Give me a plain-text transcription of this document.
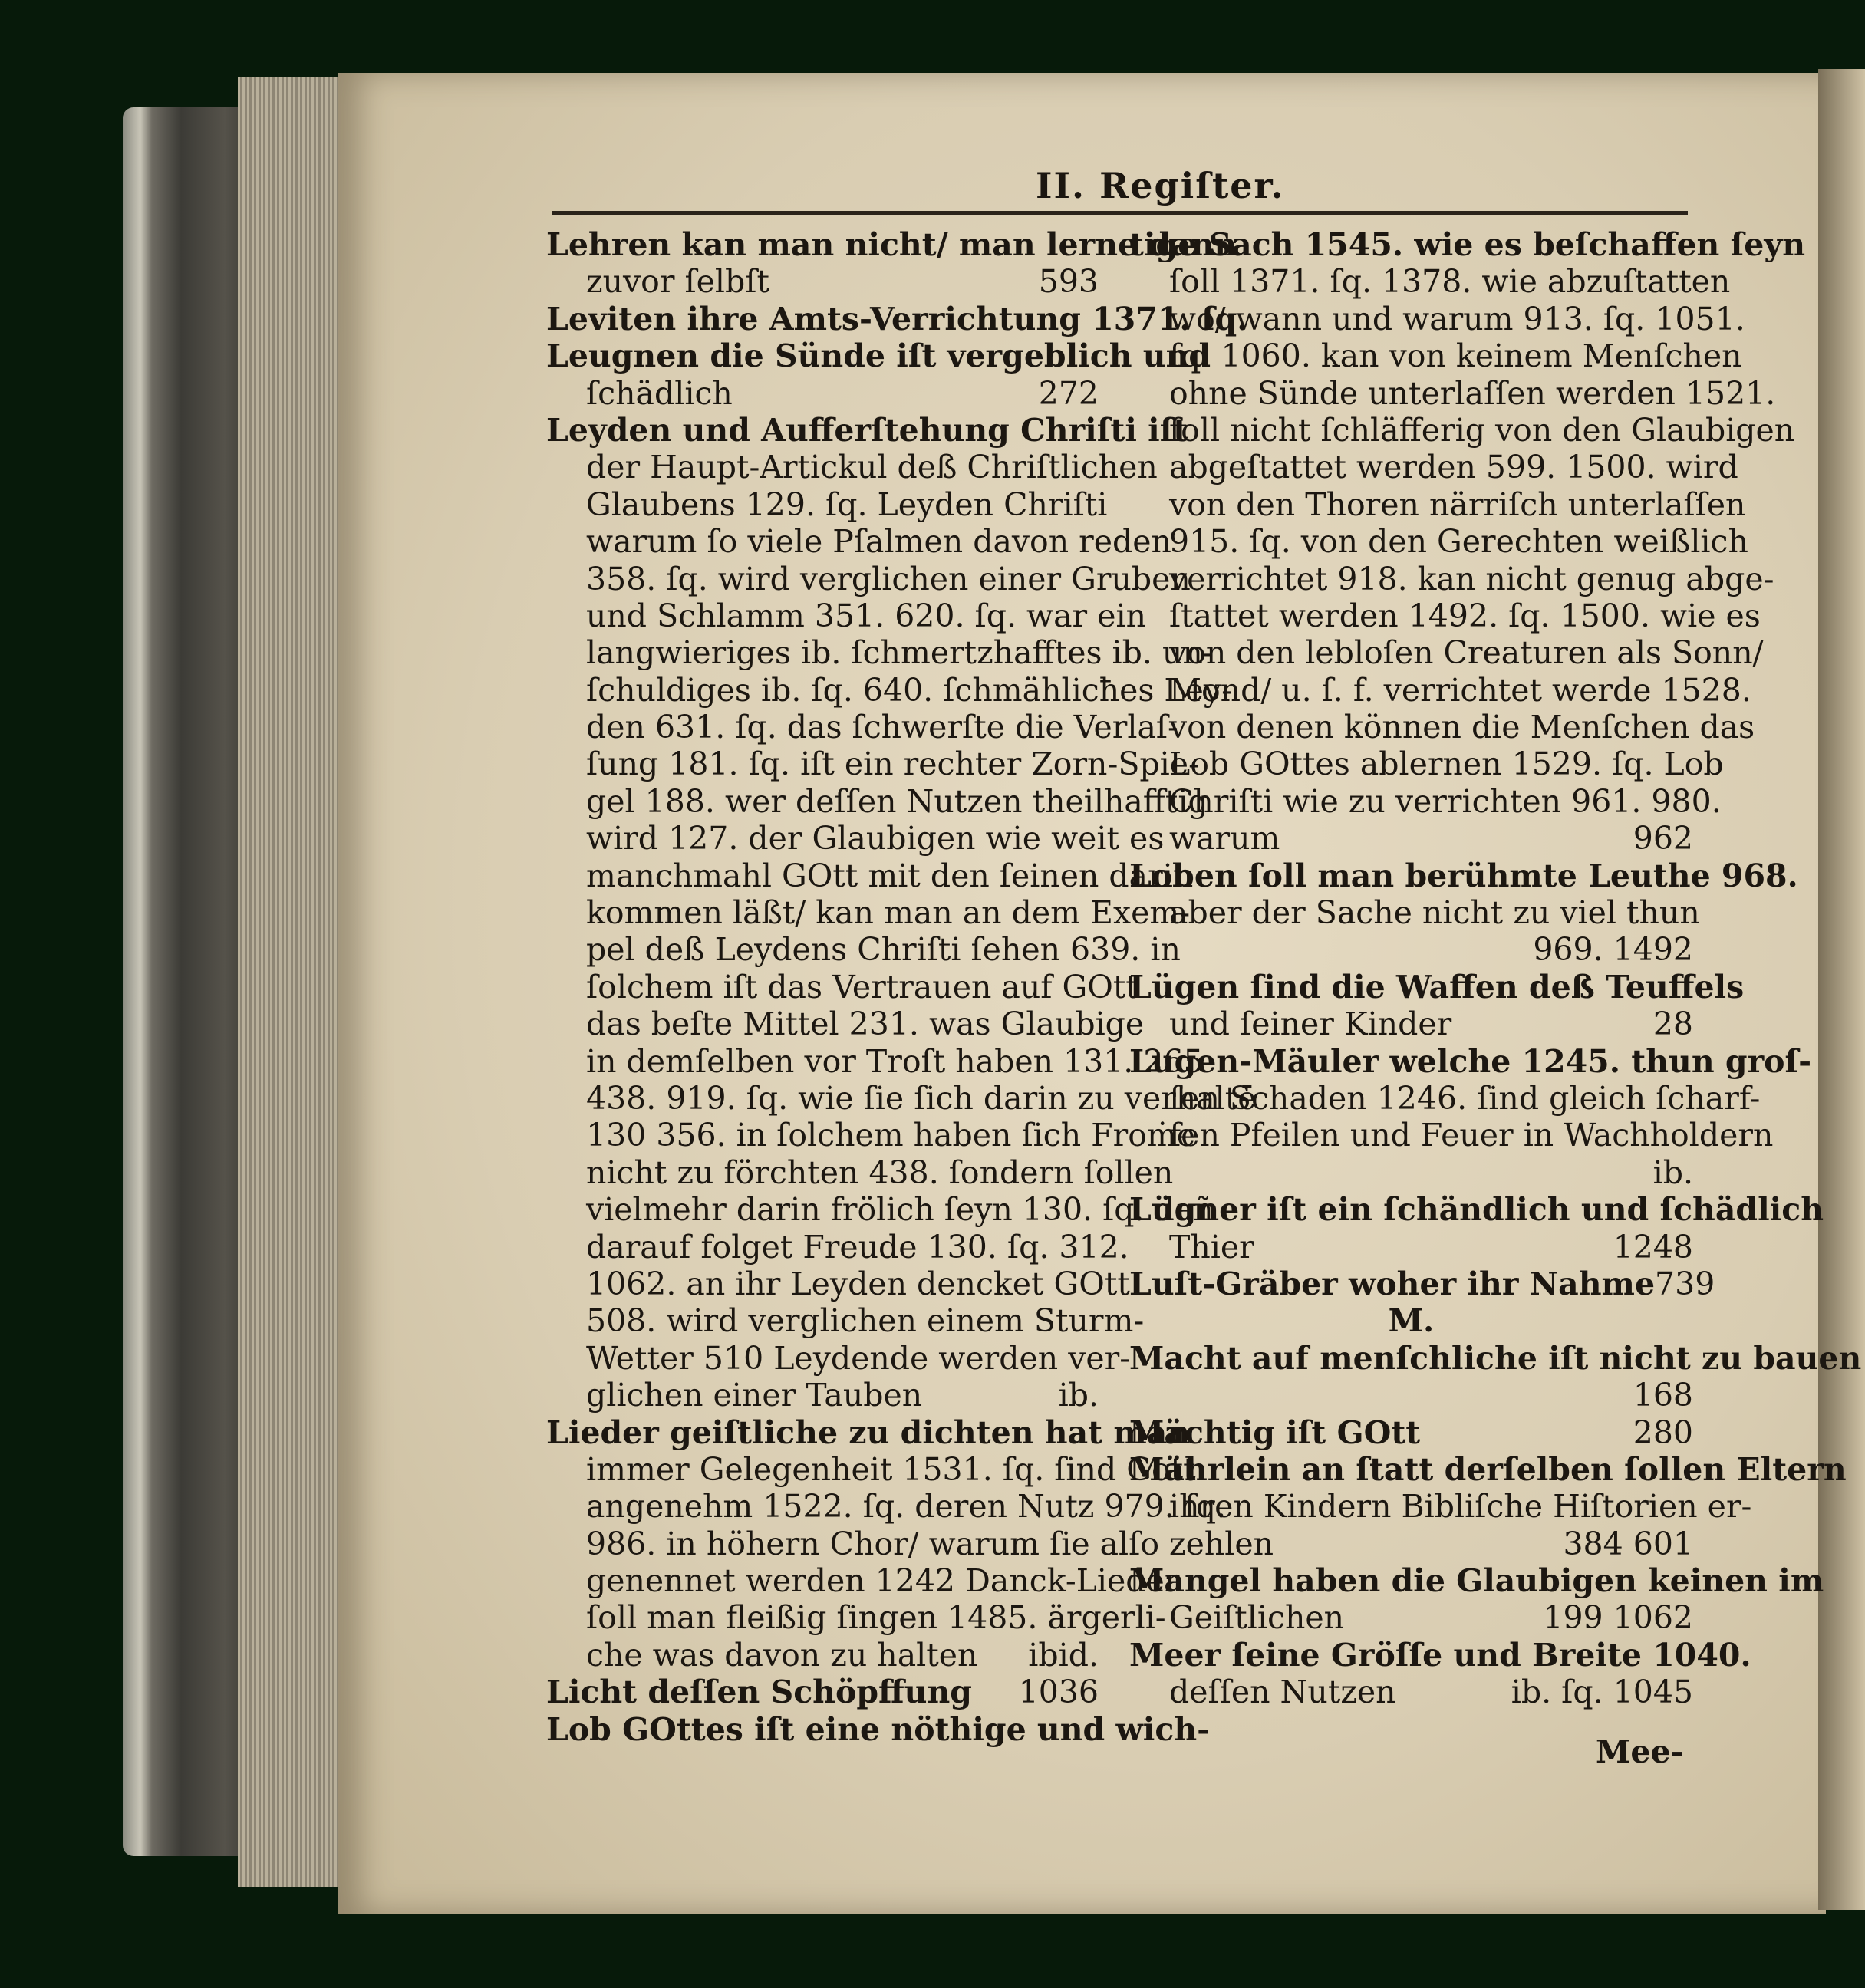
II. Regiſter.
Lehren kan man nicht/ man lerne dann
zuvor ſelbſt	593
Leviten ihre Amts-Verrichtung 1371. ſq.
Leugnen die Sünde iſt vergeblich und
ſchädlich	272
Leyden und Aufferſtehung Chriſti iſt
der Haupt-Artickul deß Chriſtlichen
Glaubens 129. ſq. Leyden Chriſti
warum ſo viele Pſalmen davon reden
358. ſq. wird verglichen einer Gruben
und Schlamm 351. 620. ſq. war ein
langwieriges ib. ſchmertzhafftes ib. un-
ſchuldiges ib. ſq. 640. ſchmählicħes Ley-
den 631. ſq. das ſchwerſte die Verlaſ-
ſung 181. ſq. iſt ein rechter Zorn-Spie-
gel 188. wer deſſen Nutzen theilhafftig
wird 127. der Glaubigen wie weit es
manchmahl GOtt mit den ſeinen darin
kommen läßt/ kan man an dem Exem-
pel deß Leydens Chriſti ſehen 639. in
ſolchem iſt das Vertrauen auf GOtt
das beſte Mittel 231. was Glaubige
in demſelben vor Troſt haben 131. 265
438. 919. ſq. wie ſie ſich darin zu verhaltē
130 356. in ſolchem haben ſich Froṁe
nicht zu förchten 438. ſondern ſollen
vielmehr darin frölich ſeyn 130. ſq. dañ
darauf folget Freude 130. ſq. 312.
1062. an ihr Leyden dencket GOtt
508. wird verglichen einem Sturm-
Wetter 510 Leydende werden ver-
glichen einer Tauben	ib.
Lieder geiſtliche zu dichten hat man
immer Gelegenheit 1531. ſq. ſind Gott
angenehm 1522. ſq. deren Nutz 979. ſq.
986. in höhern Chor/ warum ſie alſo
genennet werden 1242 Danck-Lieder
ſoll man fleißig ſingen 1485. ärgerli-
che was davon zu halten ibid.
Licht deſſen Schöpffung 1036
Lob GOttes iſt eine nöthige und wich-
tige Sach 1545. wie es beſchaffen ſeyn
ſoll 1371. ſq. 1378. wie abzuſtatten
wo/ wann und warum 913. ſq. 1051.
ſq. 1060. kan von keinem Menſchen
ohne Sünde unterlaſſen werden 1521.
ſoll nicht ſchläfferig von den Glaubigen
abgeſtattet werden 599. 1500. wird
von den Thoren närriſch unterlaſſen
915. ſq. von den Gerechten weißlich
verrichtet 918. kan nicht genug abge-
ſtattet werden 1492. ſq. 1500. wie es
von den lebloſen Creaturen als Sonn/
Mond/ u. ſ. f. verrichtet werde 1528.
von denen können die Menſchen das
Lob GOttes ablernen 1529. ſq. Lob
Chriſti wie zu verrichten 961. 980.
warum	962
Loben ſoll man berühmte Leuthe 968.
aber der Sache nicht zu viel thun
969. 1492
Lügen ſind die Waffen deß Teuffels
und ſeiner Kinder	28
Lugen-Mäuler welche 1245. thun groſ-
ſen Schaden 1246. ſind gleich ſcharf-
fen Pfeilen und Feuer in Wachholdern
ib.
Lügner iſt ein ſchändlich und ſchädlich
Thier	1248
Luſt-Gräber woher ihr Nahme 739
M.
Macht auf menſchliche iſt nicht zu bauen
168
Mächtig iſt GOtt	280
Mährlein an ſtatt derſelben ſollen Eltern
ihren Kindern Bibliſche Hiſtorien er-
zehlen	384 601
Mangel haben die Glaubigen keinen im
Geiſtlichen	199 1062
Meer ſeine Gröſſe und Breite 1040.
deſſen Nutzen	ib. ſq. 1045
Mee-
